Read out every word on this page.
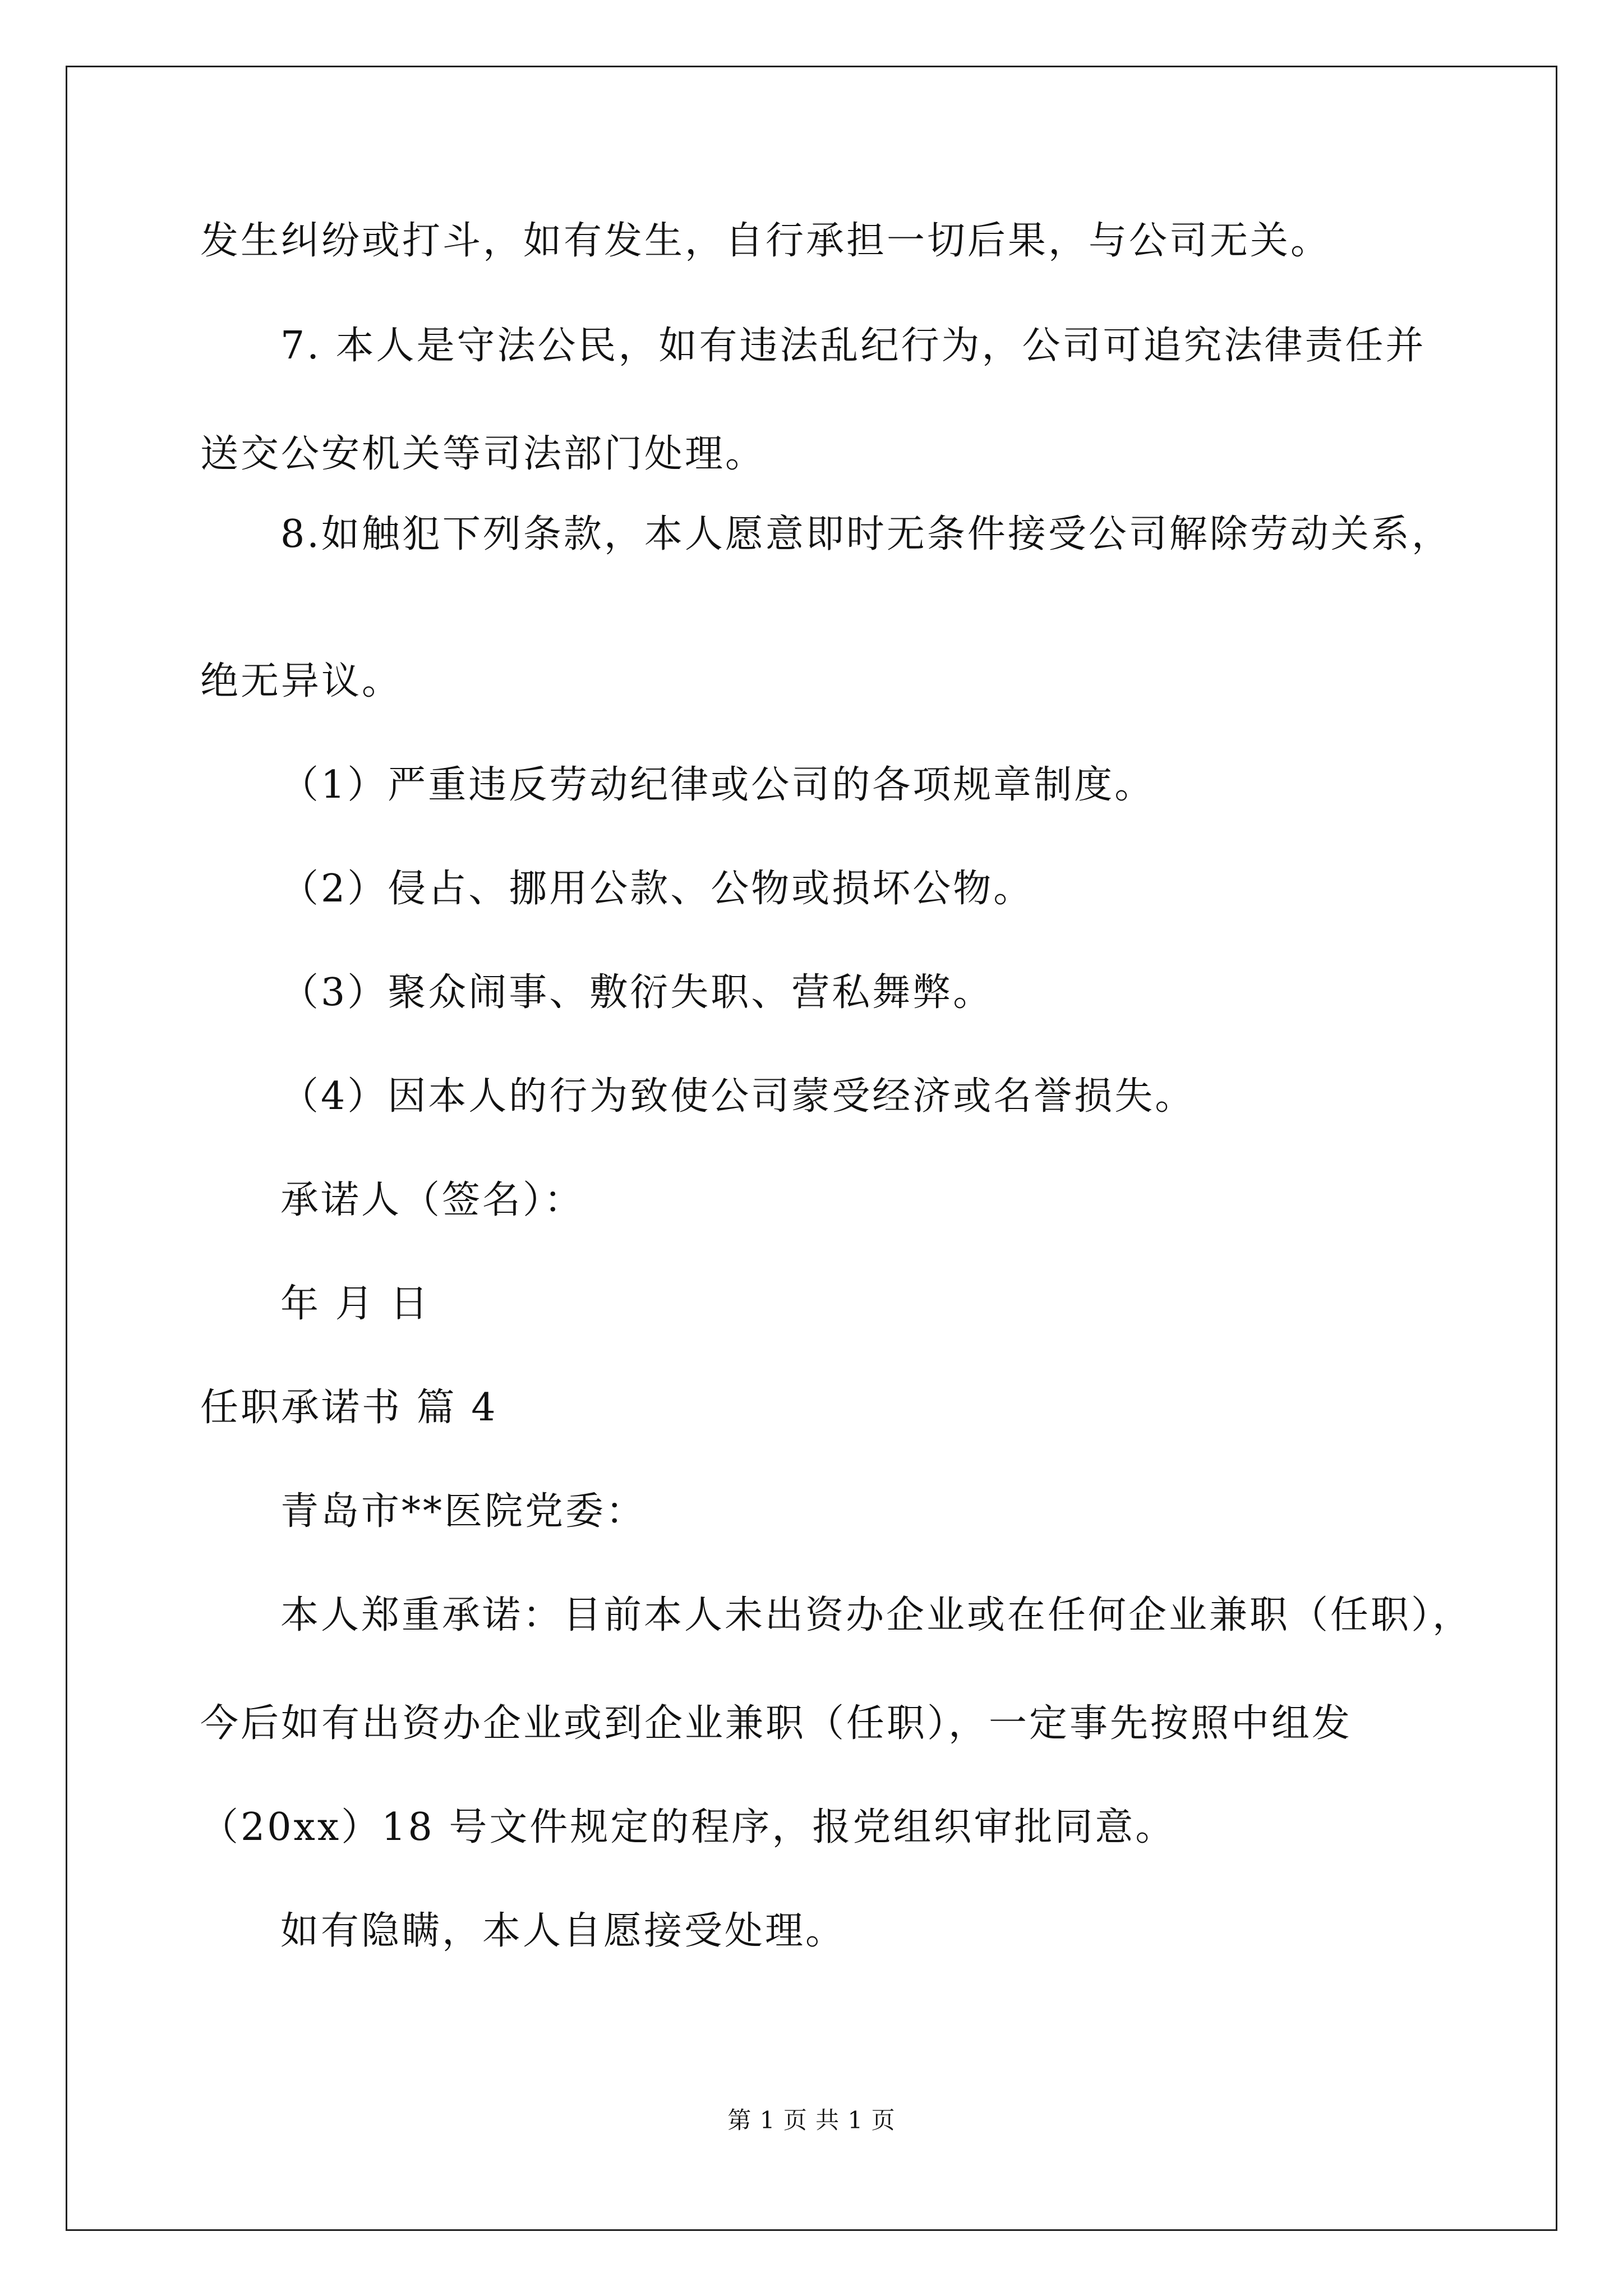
发生纠纷或打斗，如有发生，自行承担一切后果，与公司无关。
7. 本人是守法公民，如有违法乱纪行为，公司可追究法律责任并
送交公安机关等司法部门处理。
8.如触犯下列条款，本人愿意即时无条件接受公司解除劳动关系，
绝无异议。
（1）严重违反劳动纪律或公司的各项规章制度。
（2）侵占、挪用公款、公物或损坏公物。
（3）聚众闹事、敷衍失职、营私舞弊。
（4）因本人的行为致使公司蒙受经济或名誉损失。
承诺人（签名）：
年 月 日
任职承诺书 篇 4
青岛市**医院党委：
本人郑重承诺：目前本人未出资办企业或在任何企业兼职（任职），
今后如有出资办企业或到企业兼职（任职），一定事先按照中组发
（20xx）18 号文件规定的程序，报党组织审批同意。
如有隐瞒，本人自愿接受处理。
第 1 页 共 1 页
